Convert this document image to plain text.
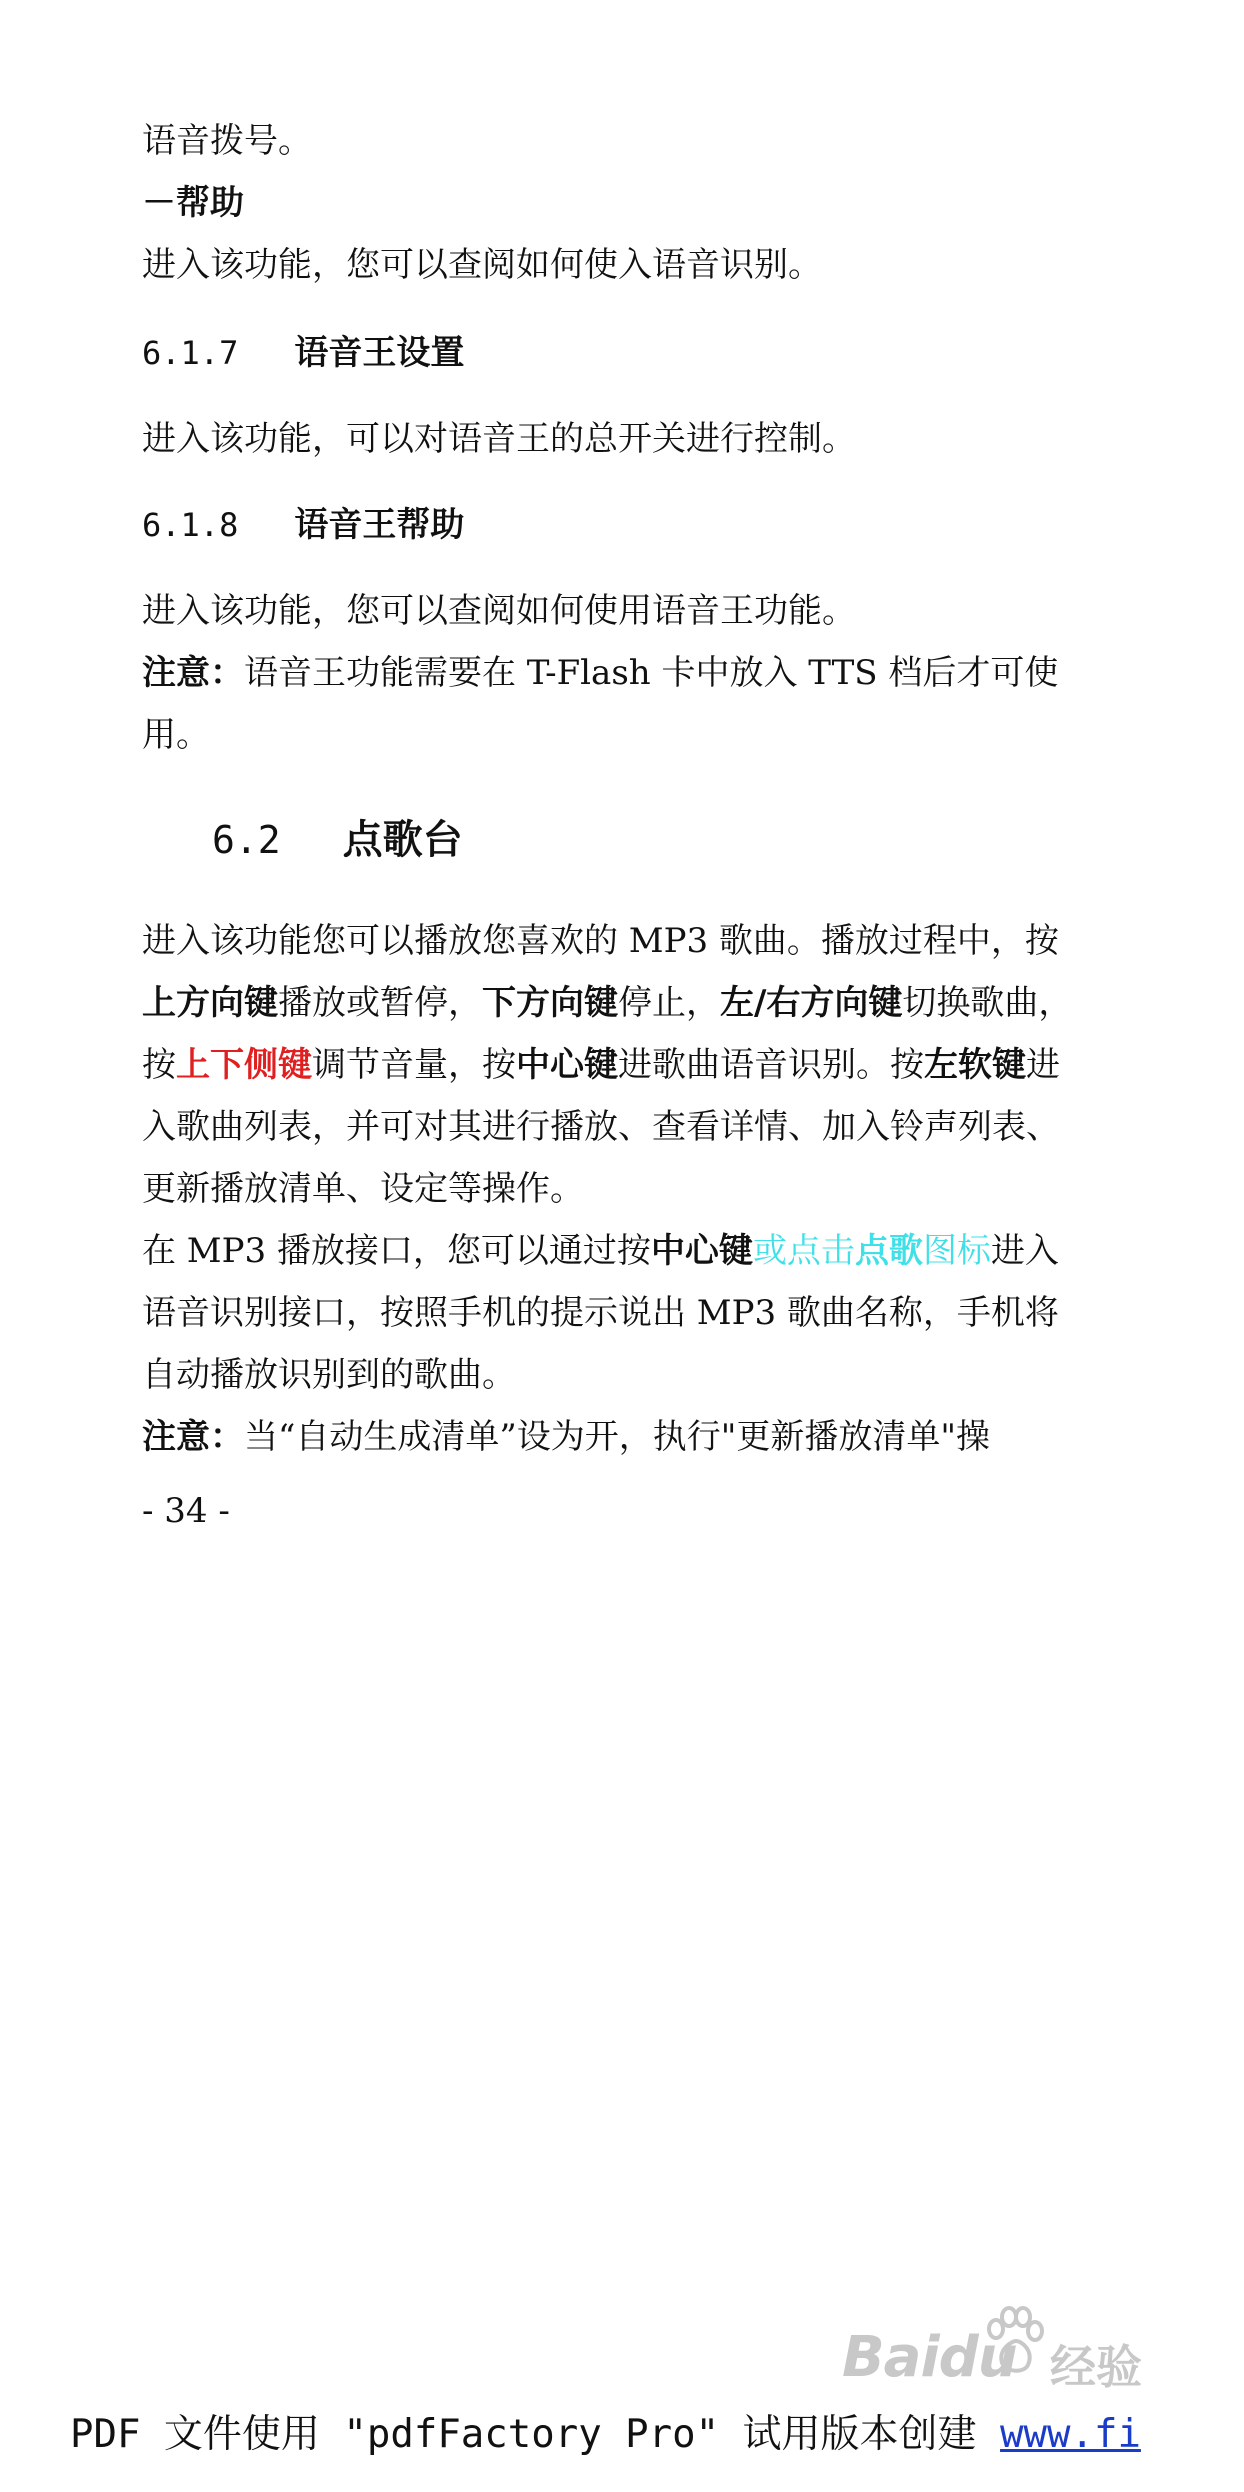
语音拨号。

－帮助

进入该功能，您可以查阅如何使入语音识别。

6.1.7 语音王设置

进入该功能，可以对语音王的总开关进行控制。

6.1.8 语音王帮助

进入该功能，您可以查阅如何使用语音王功能。

注意：语音王功能需要在 T-Flash 卡中放入 TTS 档后才可使用。

6.2 点歌台

进入该功能您可以播放您喜欢的 MP3 歌曲。播放过程中，按上方向键播放或暂停，下方向键停止，左/右方向键切换歌曲，按上下侧键调节音量，按中心键进歌曲语音识别。按左软键进入歌曲列表，并可对其进行播放、查看详情、加入铃声列表、更新播放清单、设定等操作。

在 MP3 播放接口，您可以通过按中心键或点击点歌图标进入语音识别接口，按照手机的提示说出 MP3 歌曲名称，手机将自动播放识别到的歌曲。

注意：当“自动生成清单”设为开，执行"更新播放清单"操

- 34 -

Baidu 经验
PDF 文件使用 "pdfFactory Pro" 试用版本创建 www.fi
